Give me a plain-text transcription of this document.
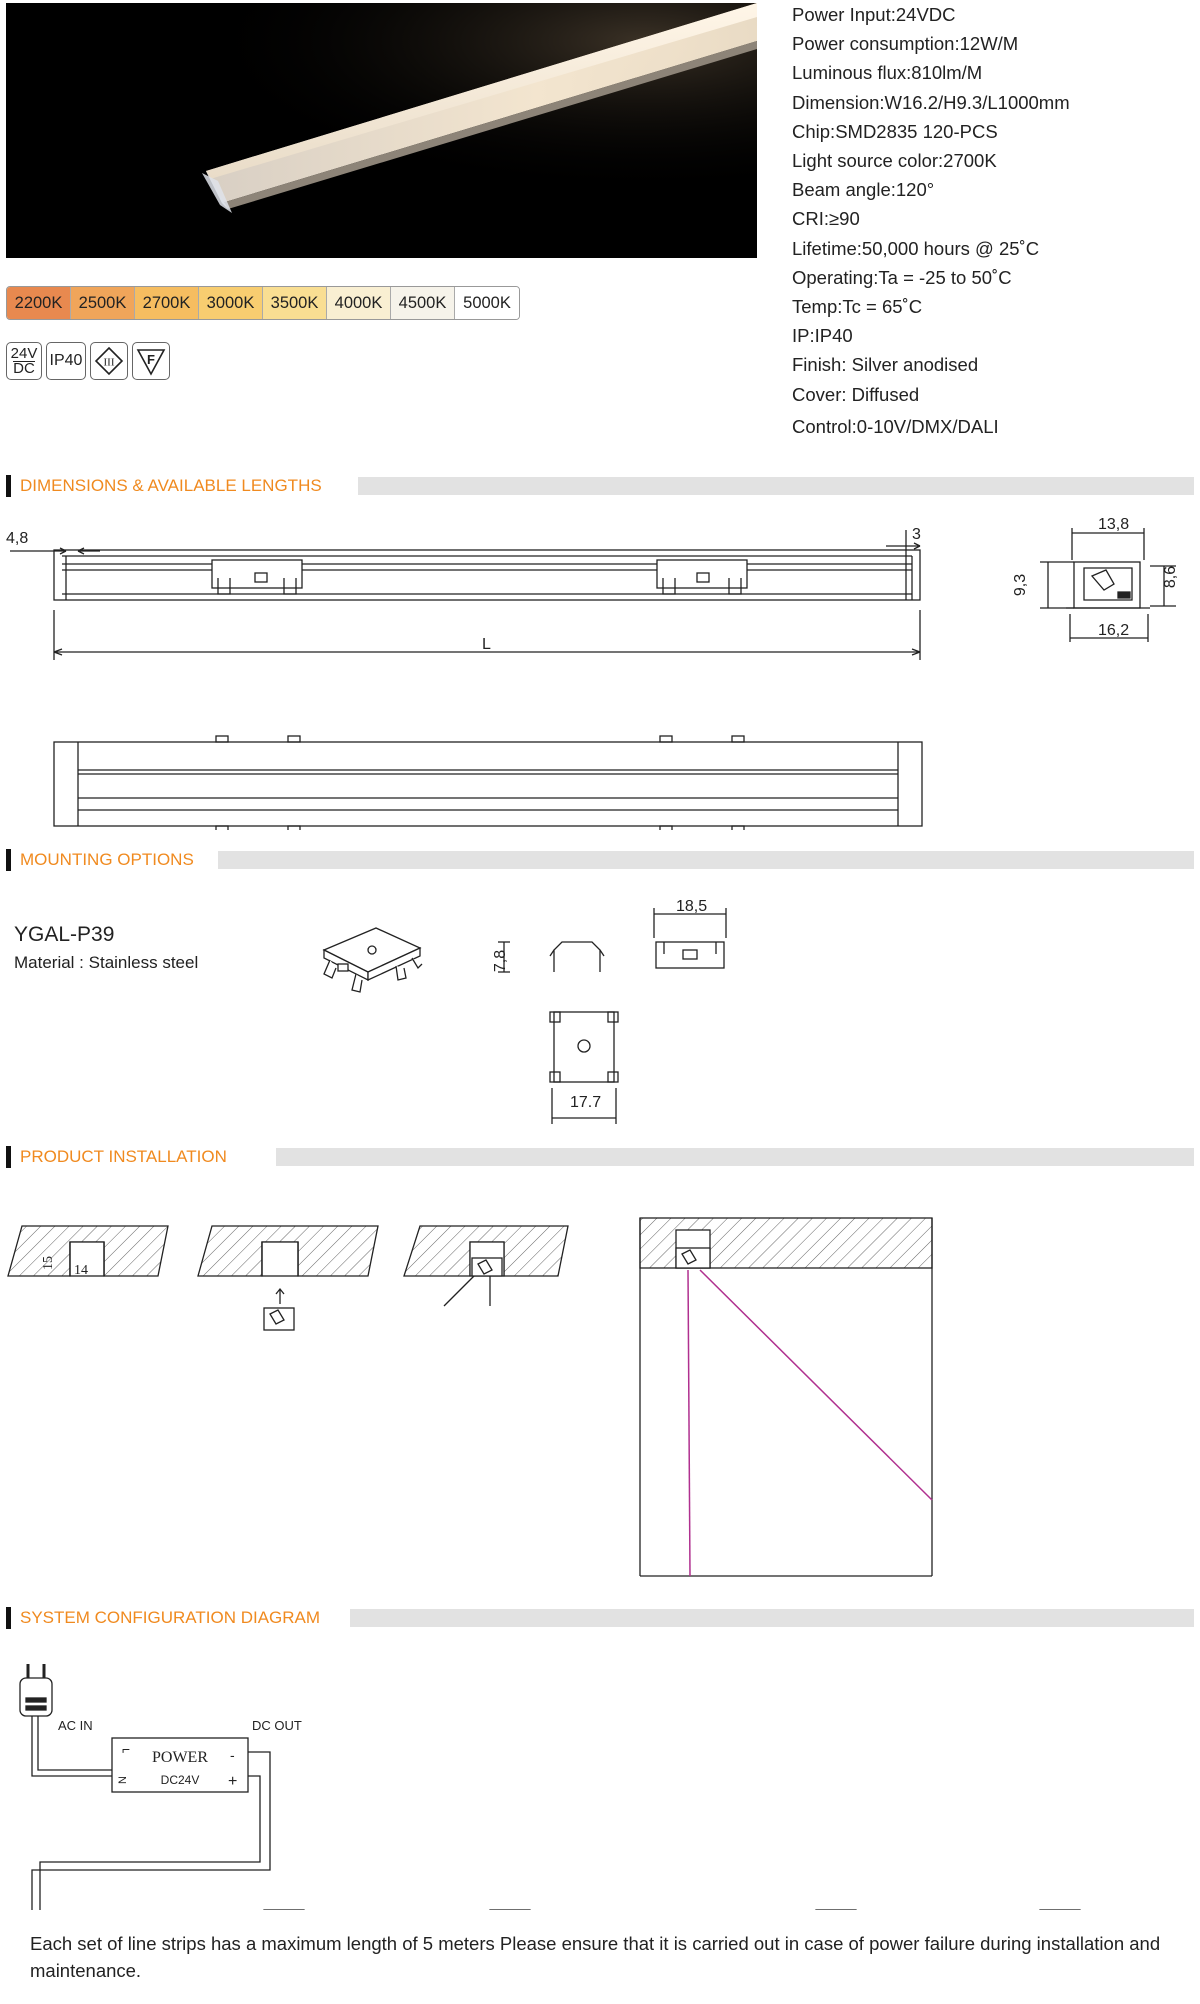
Power Input:24VDC
Power consumption:12W/M
Luminous flux:810lm/M
Dimension:W16.2/H9.3/L1000mm
Chip:SMD2835 120-PCS
Light source color:2700K
Beam angle:120°
CRI:≥90
Lifetime:50,000 hours @ 25˚C
Operating:Ta = -25 to 50˚C
Temp:Tc = 65˚C
IP:IP40
Finish: Silver anodised
Cover: Diffused
Control:0-10V/DMX/DALI
2200K 2500K 2700K 3000K 3500K 4000K 4500K	5000K
24V
DC IP40 III	F
DIMENSIONS & AVAILABLE LENGTHS
4,8	3
L
13,8
9,3	8,6
16,2
MOUNTING OPTIONS
YGAL-P39
Material : Stainless steel	7,8
18,5
17.7
PRODUCT INSTALLATION
15 14
SYSTEM CONFIGURATION DIAGRAM
⌐
AC IN	DC OUT
POWER
DC24V
N
-
+
Each set of line strips has a maximum length of 5 meters Please ensure that it is carried out in case of power failure during installation and maintenance.
